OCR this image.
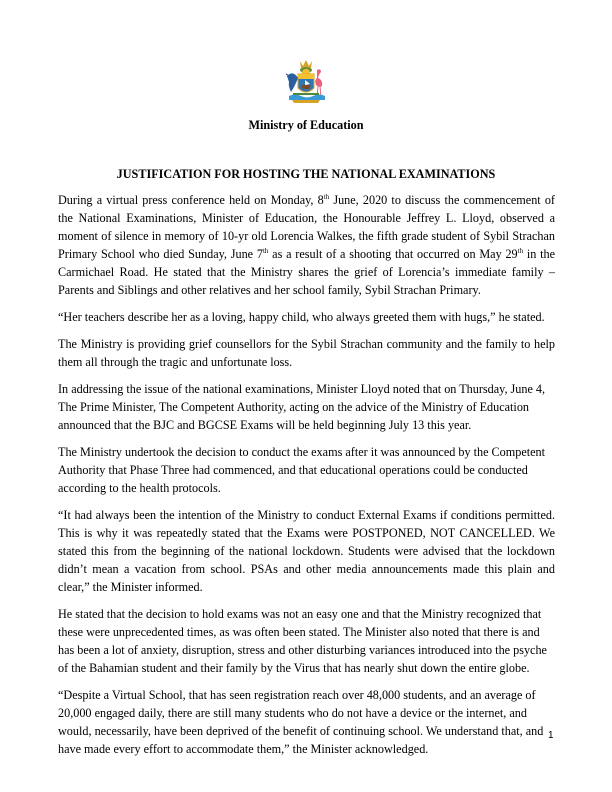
Ministry of Education
JUSTIFICATION FOR HOSTING THE NATIONAL EXAMINATIONS

During a virtual press conference held on Monday, 8th June, 2020 to discuss the commencement of the National Examinations, Minister of Education, the Honourable Jeffrey L. Lloyd, observed a moment of silence in memory of 10-yr old Lorencia Walkes, the fifth grade student of Sybil Strachan Primary School who died Sunday, June 7th as a result of a shooting that occurred on May 29th in the Carmichael Road. He stated that the Ministry shares the grief of Lorencia’s immediate family – Parents and Siblings and other relatives and her school family, Sybil Strachan Primary.

“Her teachers describe her as a loving, happy child, who always greeted them with hugs,” he stated.

The Ministry is providing grief counsellors for the Sybil Strachan community and the family to help them all through the tragic and unfortunate loss.

In addressing the issue of the national examinations, Minister Lloyd noted that on Thursday, June 4, The Prime Minister, The Competent Authority, acting on the advice of the Ministry of Education announced that the BJC and BGCSE Exams will be held beginning July 13 this year.

The Ministry undertook the decision to conduct the exams after it was announced by the Competent Authority that Phase Three had commenced, and that educational operations could be conducted according to the health protocols.

“It had always been the intention of the Ministry to conduct External Exams if conditions permitted. This is why it was repeatedly stated that the Exams were POSTPONED, NOT CANCELLED. We stated this from the beginning of the national lockdown. Students were advised that the lockdown didn’t mean a vacation from school. PSAs and other media announcements made this plain and clear,” the Minister informed.

He stated that the decision to hold exams was not an easy one and that the Ministry recognized that these were unprecedented times, as was often been stated. The Minister also noted that there is and has been a lot of anxiety, disruption, stress and other disturbing variances introduced into the psyche of the Bahamian student and their family by the Virus that has nearly shut down the entire globe.

“Despite a Virtual School, that has seen registration reach over 48,000 students, and an average of 20,000 engaged daily, there are still many students who do not have a device or the internet, and would, necessarily, have been deprived of the benefit of continuing school. We understand that, and have made every effort to accommodate them,” the Minister acknowledged.

1
